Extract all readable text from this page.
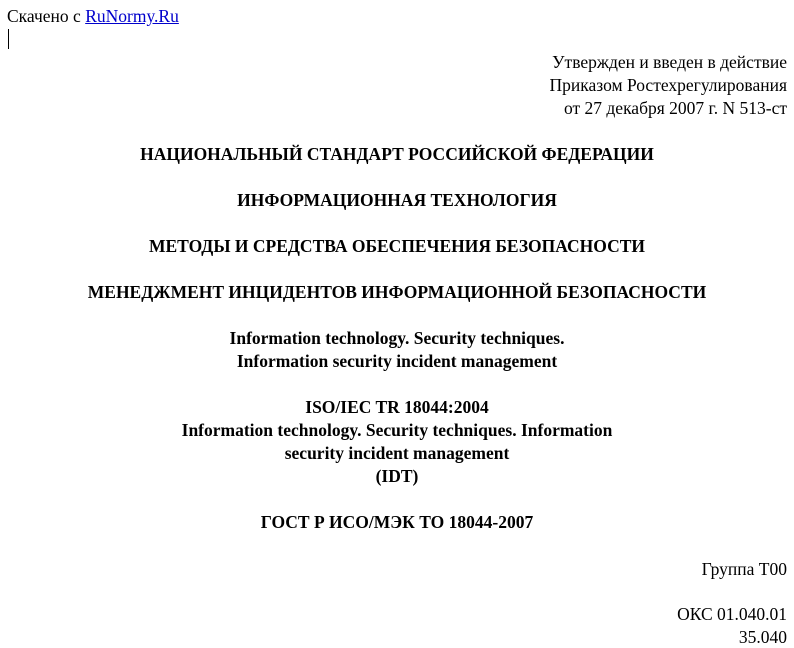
Скачено с RuNormy.Ru
Утвержден и введен в действие
Приказом Ростехрегулирования
от 27 декабря 2007 г. N 513-ст
НАЦИОНАЛЬНЫЙ СТАНДАРТ РОССИЙСКОЙ ФЕДЕРАЦИИ
ИНФОРМАЦИОННАЯ ТЕХНОЛОГИЯ
МЕТОДЫ И СРЕДСТВА ОБЕСПЕЧЕНИЯ БЕЗОПАСНОСТИ
МЕНЕДЖМЕНТ ИНЦИДЕНТОВ ИНФОРМАЦИОННОЙ БЕЗОПАСНОСТИ
Information technology. Security techniques.
Information security incident management
ISO/IEC TR 18044:2004
Information technology. Security techniques. Information
security incident management
(IDT)
ГОСТ Р ИСО/МЭК ТО 18044-2007
Группа Т00
ОКС 01.040.01
35.040
